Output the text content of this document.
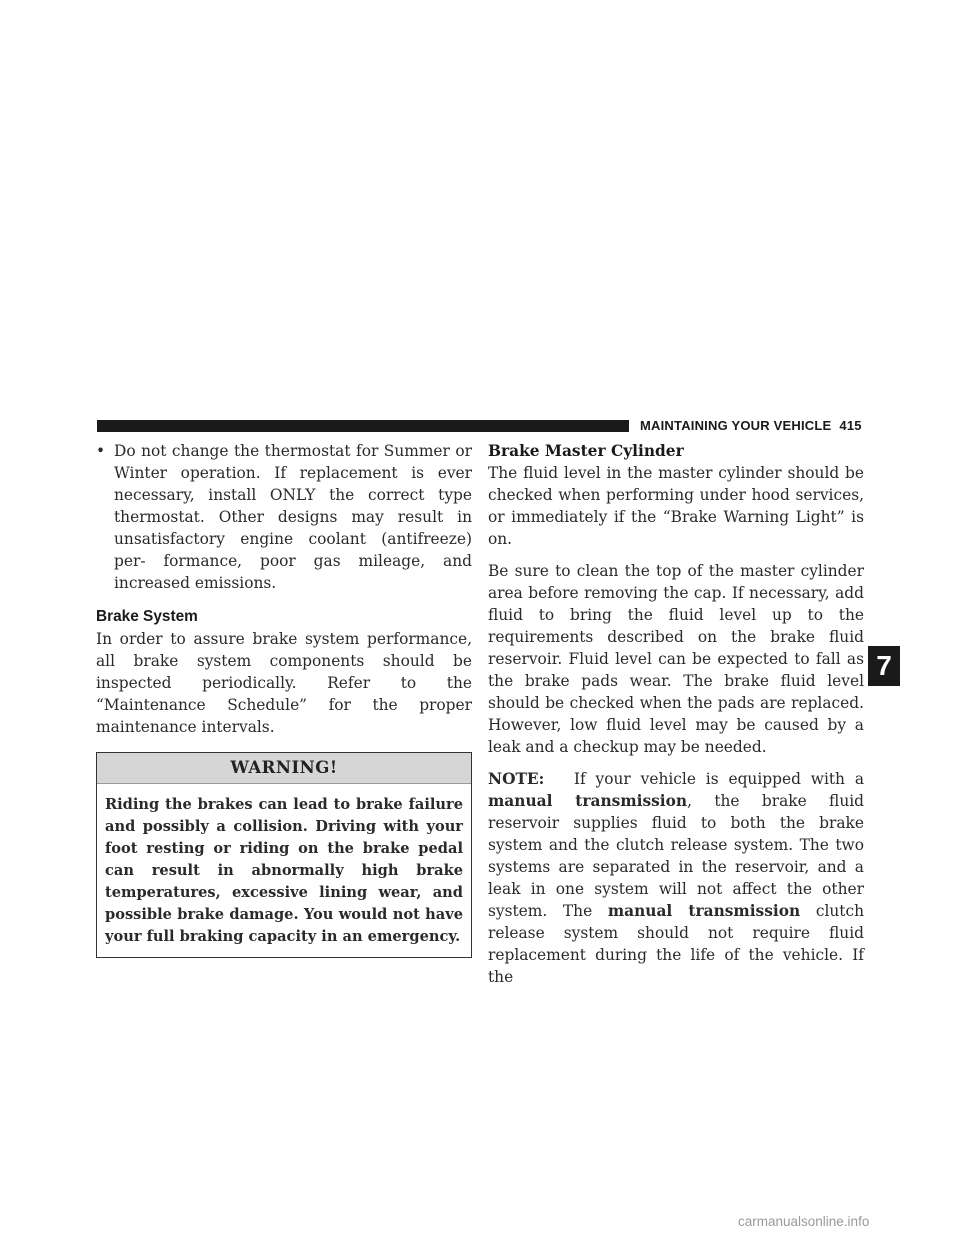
MAINTAINING YOUR VEHICLE 415
• Do not change the thermostat for Summer or Winter operation. If replacement is ever necessary, install ONLY the correct type thermostat. Other designs may result in unsatisfactory engine coolant (antifreeze) per- formance, poor gas mileage, and increased emissions.
Brake System

In order to assure brake system performance, all brake system components should be inspected periodically. Refer to the “Maintenance Schedule” for the proper maintenance intervals.

WARNING!
Riding the brakes can lead to brake failure and possibly a collision. Driving with your foot resting or riding on the brake pedal can result in abnormally high brake temperatures, excessive lining wear, and possible brake damage. You would not have your full braking capacity in an emergency.
Brake Master Cylinder

The fluid level in the master cylinder should be checked when performing under hood services, or immediately if the “Brake Warning Light” is on.

Be sure to clean the top of the master cylinder area before removing the cap. If necessary, add fluid to bring the fluid level up to the requirements described on the brake fluid reservoir. Fluid level can be expected to fall as the brake pads wear. The brake fluid level should be checked when the pads are replaced. However, low fluid level may be caused by a leak and a checkup may be needed.

NOTE: If your vehicle is equipped with a manual transmission, the brake fluid reservoir supplies fluid to both the brake system and the clutch release system. The two systems are separated in the reservoir, and a leak in one system will not affect the other system. The manual transmission clutch release system should not require fluid replacement during the life of the vehicle. If the

7
carmanualsonline.info
